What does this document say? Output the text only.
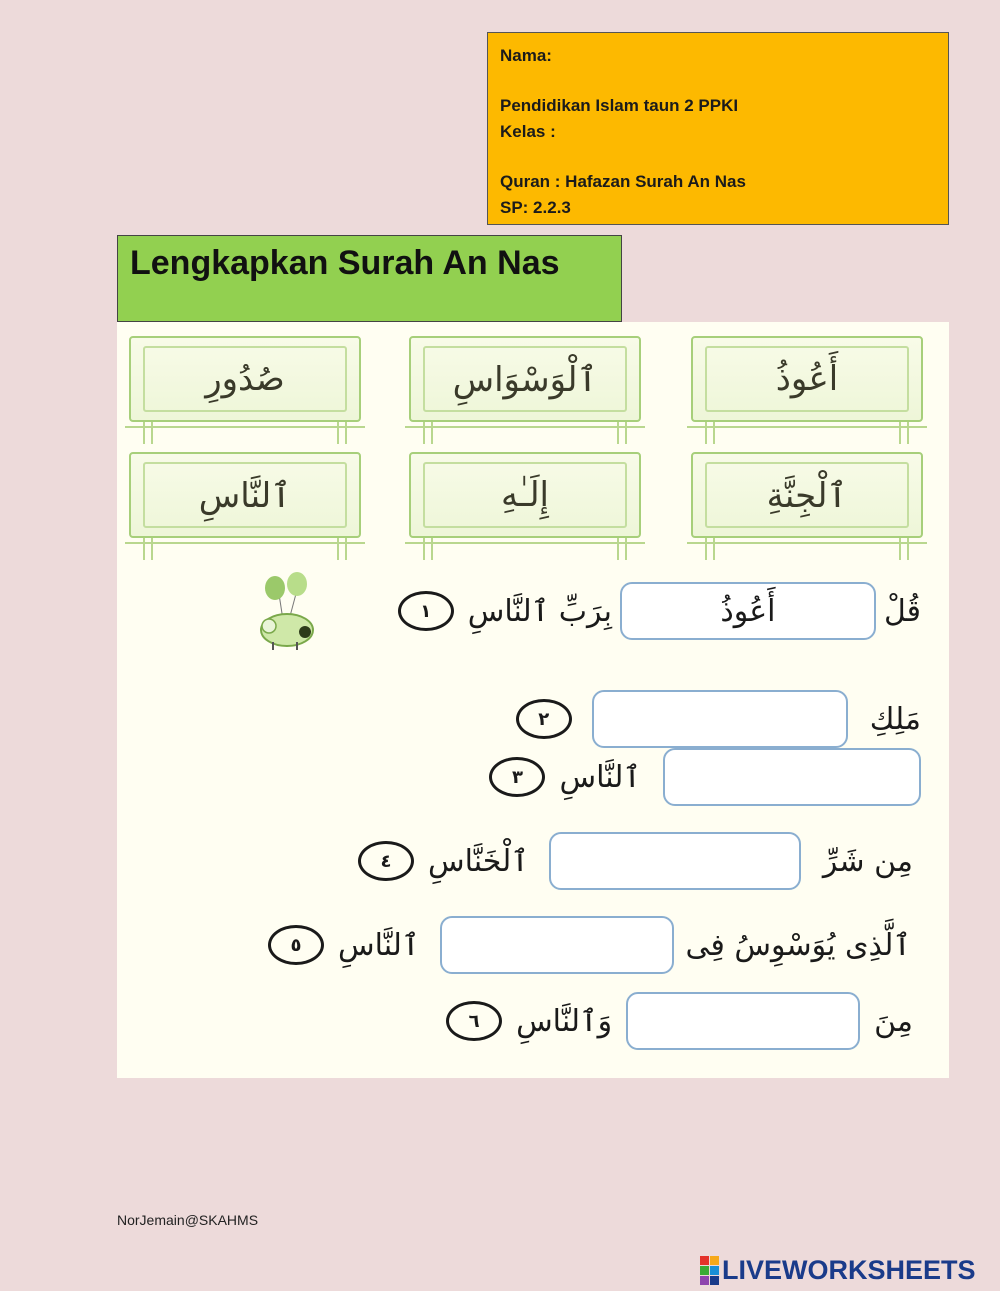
Nama:
Pendidikan Islam taun 2 PPKI
Kelas :
Quran : Hafazan Surah An Nas
SP: 2.2.3
Lengkapkan Surah An Nas
أَعُوذُ
ٱلْوَسْوَاسِ
صُدُورِ
ٱلْجِنَّةِ
إِلَـٰهِ
ٱلنَّاسِ
قُلْ
أَعُوذُ
بِرَبِّ ٱلنَّاسِ
١
مَلِكِ
٢
ٱلنَّاسِ
٣
مِن شَرِّ
ٱلْخَنَّاسِ
٤
ٱلَّذِى يُوَسْوِسُ فِى
ٱلنَّاسِ
٥
مِنَ
وَٱلنَّاسِ
٦
NorJemain@SKAHMS
LIVEWORKSHEETS
